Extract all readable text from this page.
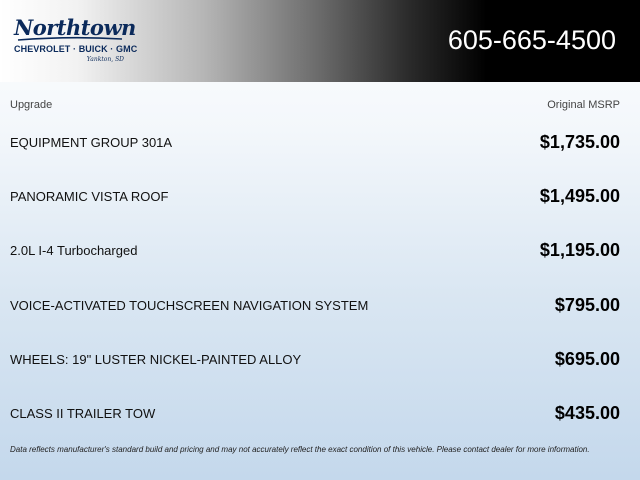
Northtown
CHEVROLET · BUICK · GMC
Yankton, SD
605-665-4500
Upgrade	Original MSRP
EQUIPMENT GROUP 301A	$1,735.00
PANORAMIC VISTA ROOF	$1,495.00
2.0L I-4 Turbocharged	$1,195.00
VOICE-ACTIVATED TOUCHSCREEN NAVIGATION SYSTEM	$795.00
WHEELS: 19" LUSTER NICKEL-PAINTED ALLOY	$695.00
CLASS II TRAILER TOW	$435.00
Data reflects manufacturer's standard build and pricing and may not accurately reflect the exact condition of this vehicle. Please contact dealer for more information.
